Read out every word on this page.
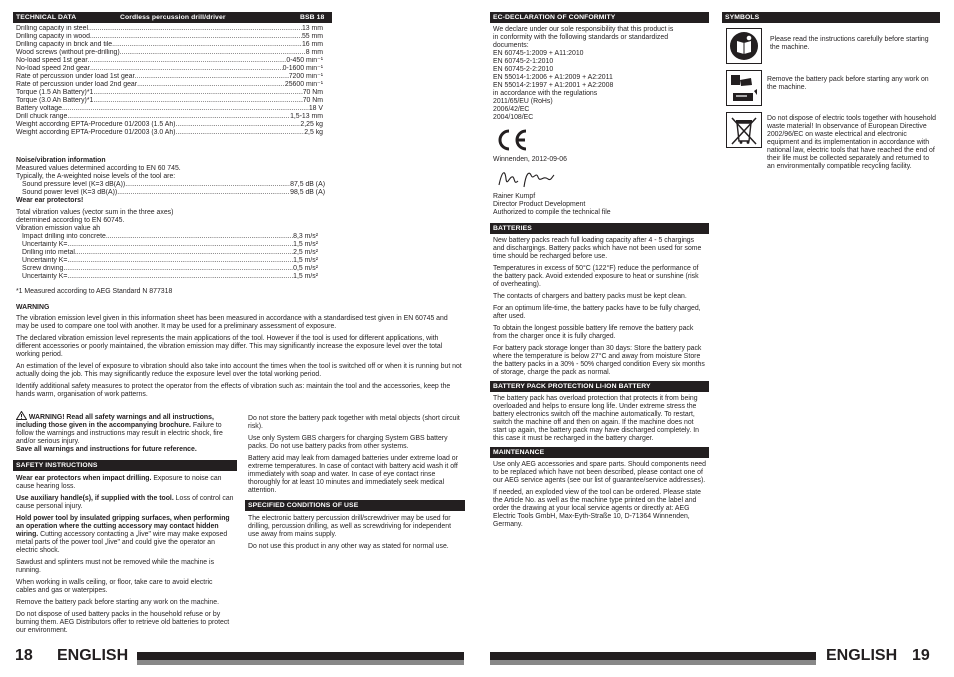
TECHNICAL DATA	Cordless percussion drill/driver	BSB 18
Drilling capacity in steel .....	13 mm
Drilling capacity in wood .....	55 mm
Drilling capacity in brick and tile .....	16 mm
Wood screws (without pre-drilling) .....	8 mm
No-load speed 1st gear .....	0-450 min⁻¹
No-load speed 2nd gear .....	0-1600 min⁻¹
Rate of percussion under load 1st gear .....	7200 min⁻¹
Rate of percussion under load 2nd gear .....	25600 min⁻¹
Torque (1.5 Ah Battery)*1 .....	70 Nm
Torque (3.0 Ah Battery)*1 .....	70 Nm
Battery voltage .....	18 V
Drill chuck range .....	1,5-13 mm
Weight according EPTA-Procedure 01/2003 (1.5 Ah) .....	2,25 kg
Weight according EPTA-Procedure 01/2003 (3.0 Ah) .....	2,5 kg
Noise/vibration information
Measured values determined according to EN 60 745.
Typically, the A-weighted noise levels of the tool are:
Sound pressure level (K=3 dB(A)) .....	87,5 dB (A)
Sound power level (K=3 dB(A)) .....	98,5 dB (A)
Wear ear protectors!
Total vibration values (vector sum in the three axes)
determined according to EN 60745.
Vibration emission value ah
Impact drilling into concrete .....	8,3 m/s²
Uncertainty K= .....	1,5 m/s²
Drilling into metal .....	2,5 m/s²
Uncertainty K= .....	1,5 m/s²
Screw driving .....	0,5 m/s²
Uncertainty K= .....	1,5 m/s²
*1 Measured according to AEG Standard N 877318
WARNING

The vibration emission level given in this information sheet has been measured in accordance with a standardised test given in EN 60745 and may be used to compare one tool with another. It may be used for a preliminary assessment of exposure.

The declared vibration emission level represents the main applications of the tool. However if the tool is used for different applications, with different accessories or poorly maintained, the vibration emission may differ. This may significantly increase the exposure level over the total working period.

An estimation of the level of exposure to vibration should also take into account the times when the tool is switched off or when it is running but not actually doing the job. This may significantly reduce the exposure level over the total working period.

Identify additional safety measures to protect the operator from the effects of vibration such as: maintain the tool and the accessories, keep the hands warm, organisation of work patterns.

WARNING! Read all safety warnings and all instructions, including those given in the accompanying brochure. Failure to follow the warnings and instructions may result in electric shock, fire and/or serious injury.
Save all warnings and instructions for future reference.

SAFETY INSTRUCTIONS

Wear ear protectors when impact drilling. Exposure to noise can cause hearing loss.

Use auxiliary handle(s), if supplied with the tool. Loss of control can cause personal injury.

Hold power tool by insulated gripping surfaces, when performing an operation where the cutting accessory may contact hidden wiring. Cutting accessory contacting a „live" wire may make exposed metal parts of the power tool „live" and could give the operator an electric shock.

Sawdust and splinters must not be removed while the machine is running.

When working in walls ceiling, or floor, take care to avoid electric cables and gas or waterpipes.

Remove the battery pack before starting any work on the machine.

Do not dispose of used battery packs in the household refuse or by burning them. AEG Distributors offer to retrieve old batteries to protect our environment.

Do not store the battery pack together with metal objects (short circuit risk).

Use only System GBS chargers for charging System GBS battery packs. Do not use battery packs from other systems.

Battery acid may leak from damaged batteries under extreme load or extreme temperatures. In case of contact with battery acid wash it off immediately with soap and water. In case of eye contact rinse thoroughly for at least 10 minutes and immediately seek medical attention.

SPECIFIED CONDITIONS OF USE

The electronic battery percussion drill/screwdriver may be used for drilling, percussion drilling, as well as screwdriving for independent use away from mains supply.

Do not use this product in any other way as stated for normal use.

18 ENGLISH
EC-DECLARATION OF CONFORMITY
We declare under our sole responsibility that this product is
in conformity with the following standards or standardized
documents:
EN 60745-1:2009 + A11:2010
EN 60745-2-1:2010
EN 60745-2-2:2010
EN 55014-1:2006 + A1:2009 + A2:2011
EN 55014-2:1997 + A1:2001 + A2:2008
in accordance with the regulations
2011/65/EU (RoHs)
2006/42/EC
2004/108/EC
Winnenden, 2012-09-06
Rainer Kumpf
Director Product Development
Authorized to compile the technical file
BATTERIES

New battery packs reach full loading capacity after 4 - 5 chargings and dischargings. Battery packs which have not been used for some time should be recharged before use.

Temperatures in excess of 50°C (122°F) reduce the performance of the battery pack. Avoid extended exposure to heat or sunshine (risk of overheating).

The contacts of chargers and battery packs must be kept clean.

For an optimum life-time, the battery packs have to be fully charged, after used.

To obtain the longest possible battery life remove the battery pack from the charger once it is fully charged.

For battery pack storage longer than 30 days: Store the battery pack where the temperature is below 27°C and away from moisture Store the battery packs in a 30% - 50% charged condition Every six months of storage, charge the pack as normal.

BATTERY PACK PROTECTION LI-ION BATTERY

The battery pack has overload protection that protects it from being overloaded and helps to ensure long life. Under extreme stress the battery electronics switch off the machine automatically. To restart, switch the machine off and then on again. If the machine does not start up again, the battery pack may have discharged completely. In this case it must be recharged in the battery charger.

MAINTENANCE

Use only AEG accessories and spare parts. Should components need to be replaced which have not been described, please contact one of our AEG service agents (see our list of guarantee/service addresses).

If needed, an exploded view of the tool can be ordered. Please state the Article No. as well as the machine type printed on the label and order the drawing at your local service agents or directly at: AEG Electric Tools GmbH, Max-Eyth-Straße 10, D-71364 Winnenden, Germany.

SYMBOLS
Please read the instructions carefully before starting the machine.
Remove the battery pack before starting any work on the machine.
Do not dispose of electric tools together with household waste material! In observance of European Directive 2002/96/EC on waste electrical and electronic equipment and its implementation in accordance with national law, electric tools that have reached the end of their life must be collected separately and returned to an environmentally compatible recycling facility.
ENGLISH 19
